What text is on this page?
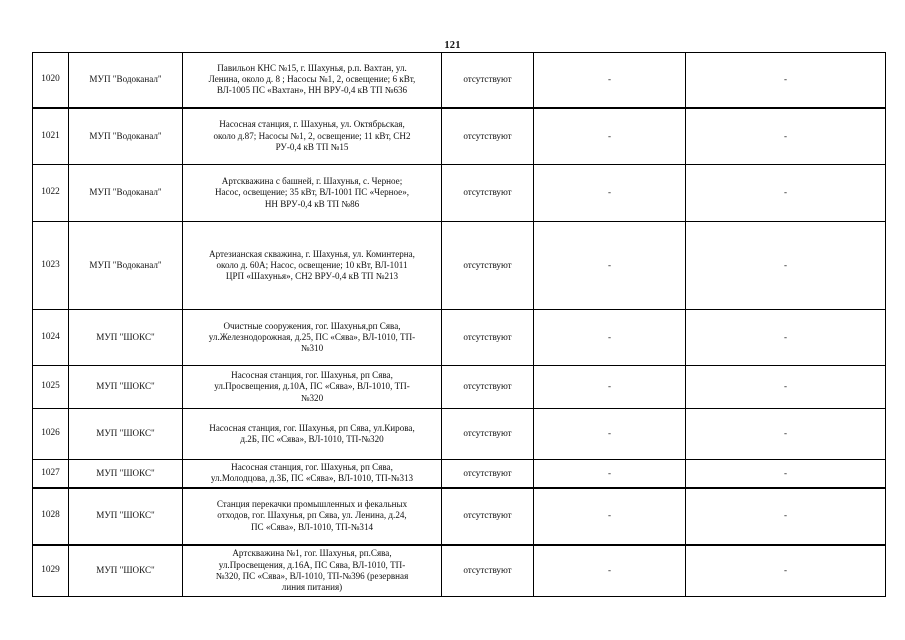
121
1020	МУП "Водоканал"	Павильон КНС №15, г. Шахунья, р.п. Вахтан, ул.
Ленина, около д. 8 ; Насосы №1, 2, освещение; 6 кВт,
ВЛ-1005 ПС «Вахтан», НН ВРУ-0,4 кВ ТП №636	отсутствуют	-	-
1021	МУП "Водоканал"	Насосная станция, г. Шахунья, ул. Октябрьская,
около д.87; Насосы №1, 2, освещение; 11 кВт, СН2
РУ-0,4 кВ ТП №15	отсутствуют	-	-
1022	МУП "Водоканал"	Артскважина с башней, г. Шахунья, с. Черное;
Насос, освещение; 35 кВт, ВЛ-1001 ПС «Черное»,
НН ВРУ-0,4 кВ ТП №86	отсутствуют	-	-
1023	МУП "Водоканал"	Артезианская скважина, г. Шахунья, ул. Коминтерна,
около д. 60А; Насос, освещение; 10 кВт, ВЛ-1011
ЦРП «Шахунья», СН2 ВРУ-0,4 кВ ТП №213	отсутствуют	-	-
1024	МУП "ШОКС"	Очистные сооружения, гог. Шахунья,рп Сява,
ул.Железнодорожная, д.25, ПС «Сява», ВЛ-1010, ТП-
№310	отсутствуют	-	-
1025	МУП "ШОКС"	Насосная станция, гог. Шахунья, рп Сява,
ул.Просвещения, д.10А, ПС «Сява», ВЛ-1010, ТП-
№320	отсутствуют	-	-
1026	МУП "ШОКС"	Насосная станция, гог. Шахунья, рп Сява, ул.Кирова,
д.2Б, ПС «Сява», ВЛ-1010, ТП-№320	отсутствуют	-	-
1027	МУП "ШОКС"	Насосная станция, гог. Шахунья, рп Сява,
ул.Молодцова, д.3Б, ПС «Сява», ВЛ-1010, ТП-№313	отсутствуют	-	-
1028	МУП "ШОКС"	Станция перекачки промышленных и фекальных
отходов, гог. Шахунья, рп Сява, ул. Ленина, д.24,
ПС «Сява», ВЛ-1010, ТП-№314	отсутствуют	-	-
1029	МУП "ШОКС"	Артскважина №1, гог. Шахунья, рп.Сява,
ул.Просвещения, д.16А, ПС Сява, ВЛ-1010, ТП-
№320, ПС «Сява», ВЛ-1010, ТП-№396 (резервная
линия питания)	отсутствуют	-	-
